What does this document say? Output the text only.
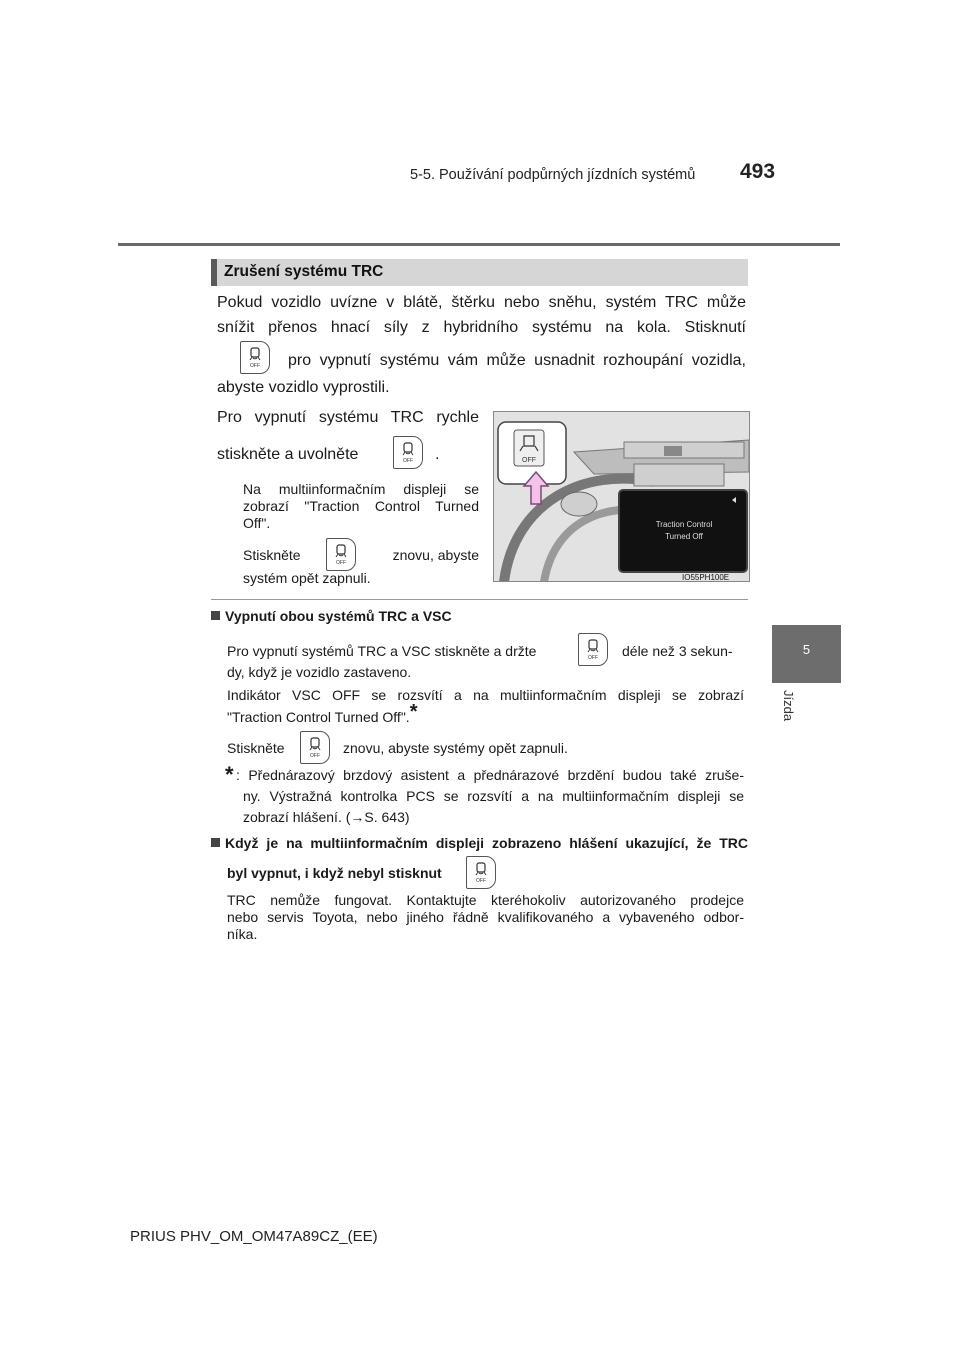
5-5. Používání podpůrných jízdních systémů 493
5
Jízda
Zrušení systému TRC
Pokud vozidlo uvízne v blátě, štěrku nebo sněhu, systém TRC může
snížit přenos hnací síly z hybridního systému na kola. Stisknutí
OFF pro vypnutí systému vám může usnadnit rozhoupání vozidla,
abyste vozidlo vyprostili.
Pro vypnutí systému TRC rychle
stiskněte a uvolněte	OFF .
Na multiinformačním displeji se
zobrazí "Traction Control Turned
Off".
Stiskněte	OFF	znovu, abyste
systém opět zapnuli.
Traction Control
Turned Off
OFF
IO55PH100E
Vypnutí obou systémů TRC a VSC
Pro vypnutí systémů TRC a VSC stiskněte a držte	OFF déle než 3 sekun-
dy, když je vozidlo zastaveno.
Indikátor VSC OFF se rozsvítí a na multiinformačním displeji se zobrazí
"Traction Control Turned Off".*
Stiskněte	OFF znovu, abyste systémy opět zapnuli.
* : Přednárazový brzdový asistent a přednárazové brzdění budou také zruše-
ny. Výstražná kontrolka PCS se rozsvítí a na multiinformačním displeji se
zobrazí hlášení. (→S. 643)
Když je na multiinformačním displeji zobrazeno hlášení ukazující, že TRC
byl vypnut, i když nebyl stisknut	OFF
TRC nemůže fungovat. Kontaktujte kteréhokoliv autorizovaného prodejce
nebo servis Toyota, nebo jiného řádně kvalifikovaného a vybaveného odbor-
níka.
PRIUS PHV_OM_OM47A89CZ_(EE)
